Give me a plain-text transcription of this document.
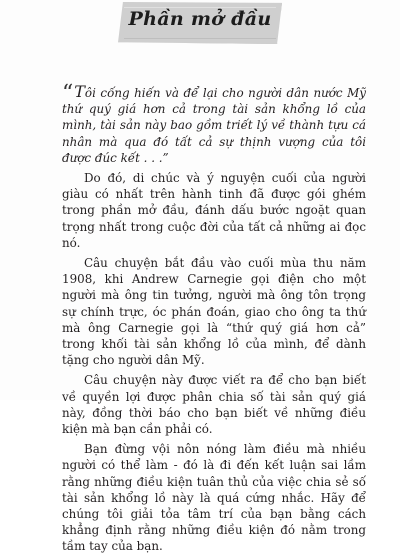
Phần mở đầu

“Tôi cống hiến và để lại cho người dân nước Mỹ thứ quý giá hơn cả trong tài sản khổng lồ của mình, tài sản này bao gồm triết lý về thành tựu cá nhân mà qua đó tất cả sự thịnh vượng của tôi được đúc kết . . .”

Do đó, di chúc và ý nguyện cuối của người giàu có nhất trên hành tinh đã được gói ghém trong phần mở đầu, đánh dấu bước ngoặt quan trọng nhất trong cuộc đời của tất cả những ai đọc nó.

Câu chuyện bắt đầu vào cuối mùa thu năm 1908, khi Andrew Carnegie gọi điện cho một người mà ông tin tưởng, người mà ông tôn trọng sự chính trực, óc phán đoán, giao cho ông ta thứ mà ông Carnegie gọi là “thứ quý giá hơn cả” trong khối tài sản khổng lồ của mình, để dành tặng cho người dân Mỹ.

Câu chuyện này được viết ra để cho bạn biết về quyền lợi được phân chia số tài sản quý giá này, đồng thời báo cho bạn biết về những điều kiện mà bạn cần phải có.

Bạn đừng vội nôn nóng làm điều mà nhiều người có thể làm - đó là đi đến kết luận sai lầm rằng những điều kiện tuân thủ của việc chia sẻ số tài sản khổng lồ này là quá cứng nhắc. Hãy để chúng tôi giải tỏa tâm trí của bạn bằng cách khẳng định rằng những điều kiện đó nằm trong tầm tay của bạn.
